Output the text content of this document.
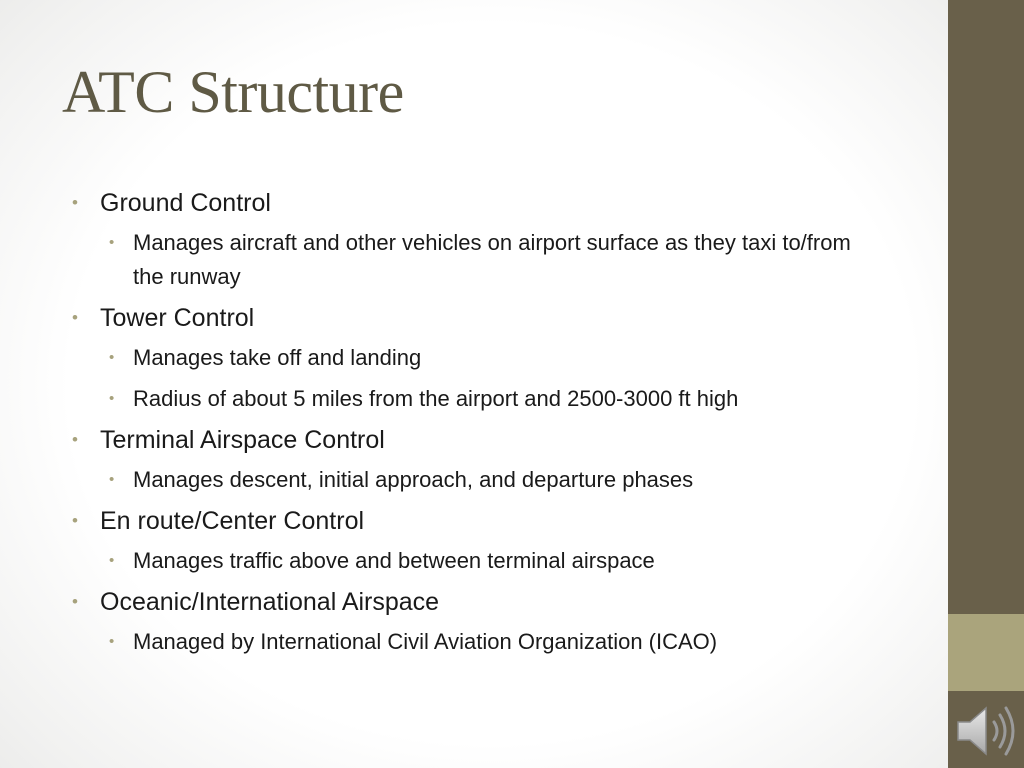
ATC Structure
• Ground Control
• Manages aircraft and other vehicles on airport surface as they taxi to/from the runway
• Tower Control
• Manages take off and landing
• Radius of about 5 miles from the airport and 2500-3000 ft high
• Terminal Airspace Control
• Manages descent, initial approach, and departure phases
• En route/Center Control
• Manages traffic above and between terminal airspace
• Oceanic/International Airspace
• Managed by International Civil Aviation Organization (ICAO)
